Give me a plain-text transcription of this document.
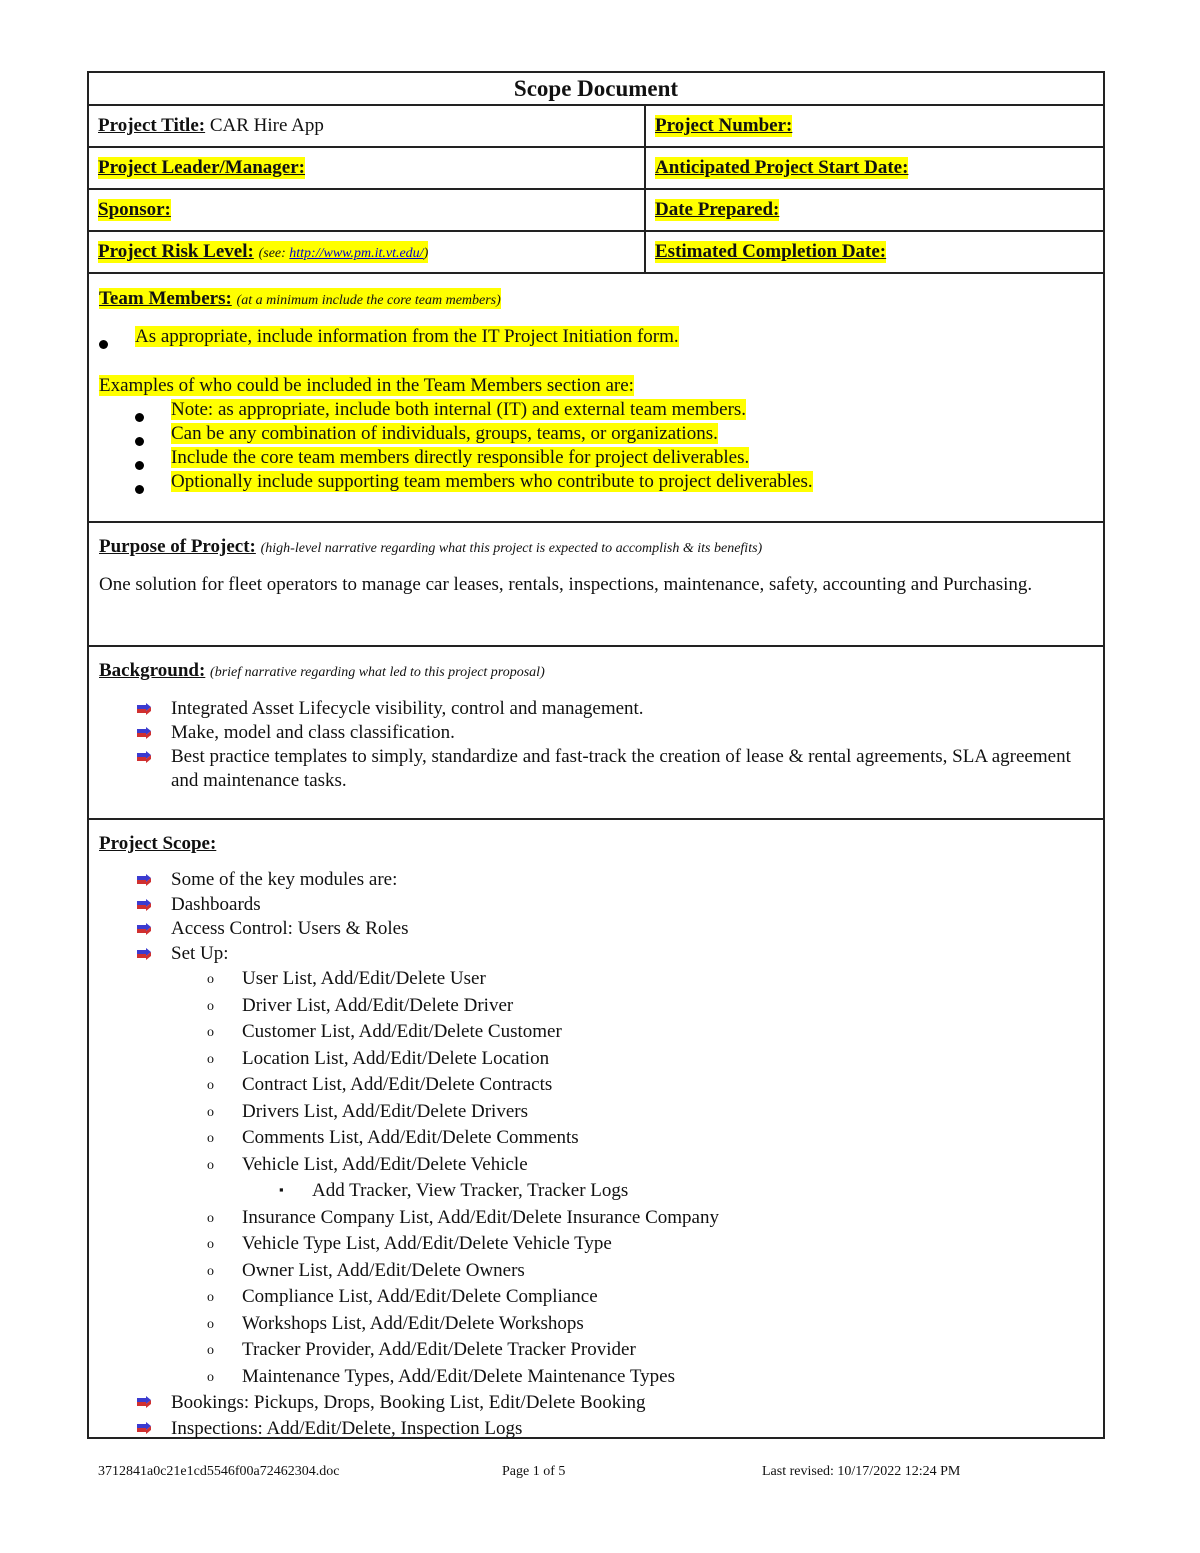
Scope Document
Project Title: CAR Hire App	Project Number:
Project Leader/Manager:	Anticipated Project Start Date:
Sponsor:	Date Prepared:
Project Risk Level: (see: http://www.pm.it.vt.edu/)	Estimated Completion Date:

Team Members: (at a minimum include the core team members)

As appropriate, include information from the IT Project Initiation form.

Examples of who could be included in the Team Members section are:

Note: as appropriate, include both internal (IT) and external team members.
Can be any combination of individuals, groups, teams, or organizations.
Include the core team members directly responsible for project deliverables.
Optionally include supporting team members who contribute to project deliverables.

Purpose of Project: (high-level narrative regarding what this project is expected to accomplish & its benefits)

One solution for fleet operators to manage car leases, rentals, inspections, maintenance, safety, accounting and Purchasing.

Background: (brief narrative regarding what led to this project proposal)

Integrated Asset Lifecycle visibility, control and management.
Make, model and class classification.
Best practice templates to simply, standardize and fast-track the creation of lease & rental agreements, SLA agreement and maintenance tasks.

Project Scope:

Some of the key modules are:
Dashboards
Access Control: Users & Roles
Set Up:
o User List, Add/Edit/Delete User
o Driver List, Add/Edit/Delete Driver
o Customer List, Add/Edit/Delete Customer
o Location List, Add/Edit/Delete Location
o Contract List, Add/Edit/Delete Contracts
o Drivers List, Add/Edit/Delete Drivers
o Comments List, Add/Edit/Delete Comments
o Vehicle List, Add/Edit/Delete Vehicle
▪ Add Tracker, View Tracker, Tracker Logs
o Insurance Company List, Add/Edit/Delete Insurance Company
o Vehicle Type List, Add/Edit/Delete Vehicle Type
o Owner List, Add/Edit/Delete Owners
o Compliance List, Add/Edit/Delete Compliance
o Workshops List, Add/Edit/Delete Workshops
o Tracker Provider, Add/Edit/Delete Tracker Provider
o Maintenance Types, Add/Edit/Delete Maintenance Types
Bookings: Pickups, Drops, Booking List, Edit/Delete Booking
Inspections: Add/Edit/Delete, Inspection Logs
3712841a0c21e1cd5546f00a72462304.doc	Page 1 of 5	Last revised: 10/17/2022 12:24 PM
